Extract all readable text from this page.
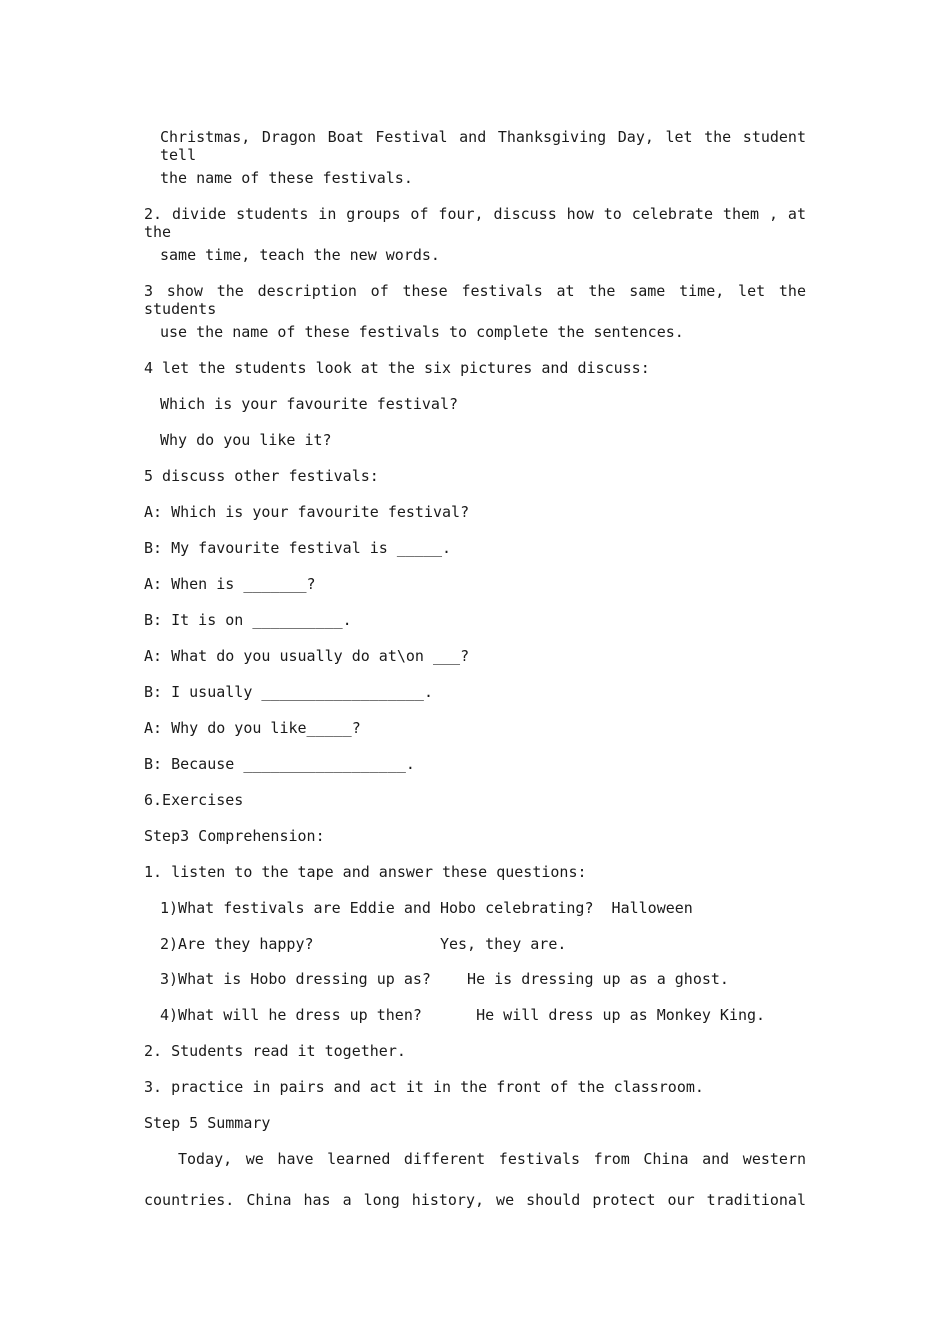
Christmas, Dragon Boat Festival and Thanksgiving Day, let the student tell
the name of these festivals.
2. divide students in groups of four, discuss how to celebrate them , at the
same time, teach the new words.
3 show the description of these festivals at the same time, let the students
use the name of these festivals to complete the sentences.
4 let the students look at the six pictures and discuss:
Which is your favourite festival?
Why do you like it?
5 discuss other festivals:
A: Which is your favourite festival?
B: My favourite festival is _____.
A: When is _______?
B: It is on __________.
A: What do you usually do at\on ___?
B: I usually __________________.
A: Why do you like_____?
B: Because __________________.
6.Exercises
Step3 Comprehension:
1. listen to the tape and answer these questions:
1)What festivals are Eddie and Hobo celebrating?  Halloween
2)Are they happy?              Yes, they are.
3)What is Hobo dressing up as?    He is dressing up as a ghost.
4)What will he dress up then?      He will dress up as Monkey King.
2. Students read it together.
3. practice in pairs and act it in the front of the classroom.
Step 5 Summary
Today, we have learned different festivals from China and western
countries. China has a long history, we should protect our traditional
